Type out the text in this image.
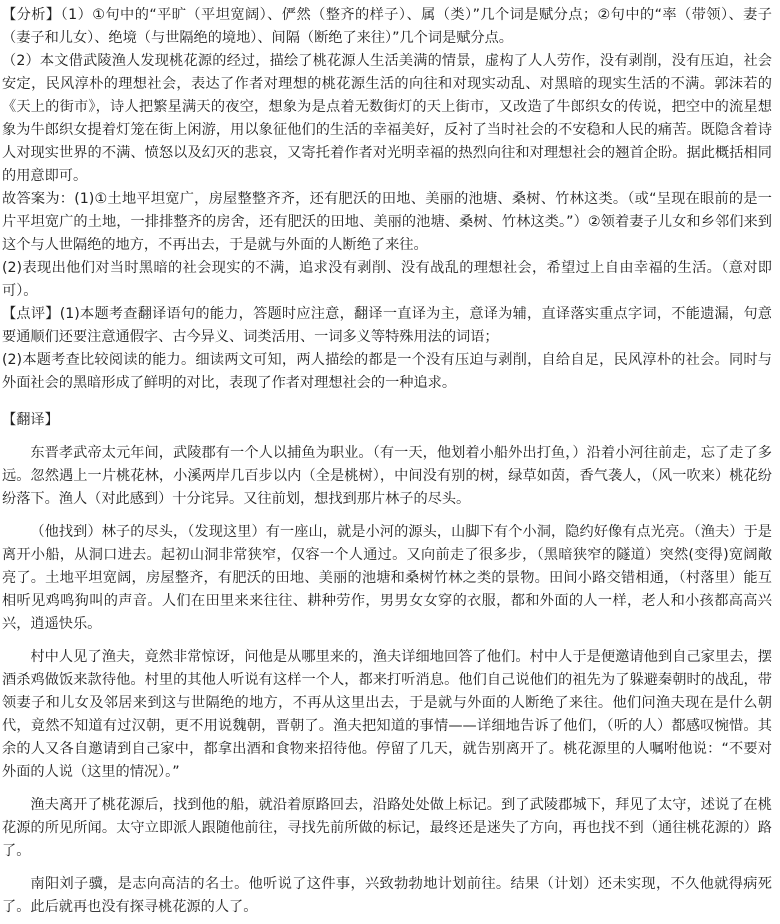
【分析】（1）①句中的“平旷（平坦宽阔）、俨然（整齐的样子）、属（类）”几个词是赋分点；②句中的“率（带领）、妻子（妻子和儿女）、绝境（与世隔绝的境地）、间隔（断绝了来往）”几个词是赋分点。

（2）本文借武陵渔人发现桃花源的经过，描绘了桃花源人生活美满的情景，虚构了人人劳作，没有剥削，没有压迫，社会安定，民风淳朴的理想社会，表达了作者对理想的桃花源生活的向往和对现实动乱、对黑暗的现实生活的不满。郭沫若的《天上的街市》，诗人把繁星满天的夜空，想象为是点着无数街灯的天上街市，又改造了牛郎织女的传说，把空中的流星想象为牛郎织女提着灯笼在街上闲游，用以象征他们的生活的幸福美好，反衬了当时社会的不安稳和人民的痛苦。既隐含着诗人对现实世界的不满、愤怒以及幻灭的悲哀，又寄托着作者对光明幸福的热烈向往和对理想社会的翘首企盼。据此概括相同的用意即可。

故答案为：(1)①土地平坦宽广，房屋整整齐齐，还有肥沃的田地、美丽的池塘、桑树、竹林这类。（或“呈现在眼前的是一片平坦宽广的土地，一排排整齐的房舍，还有肥沃的田地、美丽的池塘、桑树、竹林这类。”）②领着妻子儿女和乡邻们来到这个与人世隔绝的地方，不再出去，于是就与外面的人断绝了来往。

(2)表现出他们对当时黑暗的社会现实的不满，追求没有剥削、没有战乱的理想社会，希望过上自由幸福的生活。（意对即可）。

【点评】(1)本题考查翻译语句的能力，答题时应注意，翻译一直译为主，意译为辅，直译落实重点字词，不能遗漏，句意要通顺们还要注意通假字、古今异义、词类活用、一词多义等特殊用法的词语；

(2)本题考查比较阅读的能力。细读两文可知，两人描绘的都是一个没有压迫与剥削，自给自足，民风淳朴的社会。同时与外面社会的黑暗形成了鲜明的对比，表现了作者对理想社会的一种追求。

【翻译】

东晋孝武帝太元年间，武陵郡有一个人以捕鱼为职业。（有一天，他划着小船外出打鱼，）沿着小河往前走，忘了走了多远。忽然遇上一片桃花林，小溪两岸几百步以内（全是桃树），中间没有别的树，绿草如茵，香气袭人，（风一吹来）桃花纷纷落下。渔人（对此感到）十分诧异。又往前划，想找到那片林子的尽头。

（他找到）林子的尽头，（发现这里）有一座山，就是小河的源头，山脚下有个小洞，隐约好像有点光亮。（渔夫）于是离开小船，从洞口进去。起初山洞非常狭窄，仅容一个人通过。又向前走了很多步，（黑暗狭窄的隧道）突然(变得)宽阔敞亮了。土地平坦宽阔，房屋整齐，有肥沃的田地、美丽的池塘和桑树竹林之类的景物。田间小路交错相通，（村落里）能互相听见鸡鸣狗叫的声音。人们在田里来来往往、耕种劳作，男男女女穿的衣服，都和外面的人一样，老人和小孩都高高兴兴，逍遥快乐。

村中人见了渔夫，竟然非常惊讶，问他是从哪里来的，渔夫详细地回答了他们。村中人于是便邀请他到自己家里去，摆酒杀鸡做饭来款待他。村里的其他人听说有这样一个人，都来打听消息。他们自己说他们的祖先为了躲避秦朝时的战乱，带领妻子和儿女及邻居来到这与世隔绝的地方，不再从这里出去，于是就与外面的人断绝了来往。他们问渔夫现在是什么朝代，竟然不知道有过汉朝，更不用说魏朝，晋朝了。渔夫把知道的事情——详细地告诉了他们，（听的人）都感叹惋惜。其余的人又各自邀请到自己家中，都拿出酒和食物来招待他。停留了几天，就告别离开了。桃花源里的人嘱咐他说：“不要对外面的人说（这里的情况）。”

渔夫离开了桃花源后，找到他的船，就沿着原路回去，沿路处处做上标记。到了武陵郡城下，拜见了太守，述说了在桃花源的所见所闻。太守立即派人跟随他前往，寻找先前所做的标记，最终还是迷失了方向，再也找不到（通往桃花源的）路了。

南阳刘子骥，是志向高洁的名士。他听说了这件事，兴致勃勃地计划前往。结果（计划）还未实现，不久他就得病死了。此后就再也没有探寻桃花源的人了。
